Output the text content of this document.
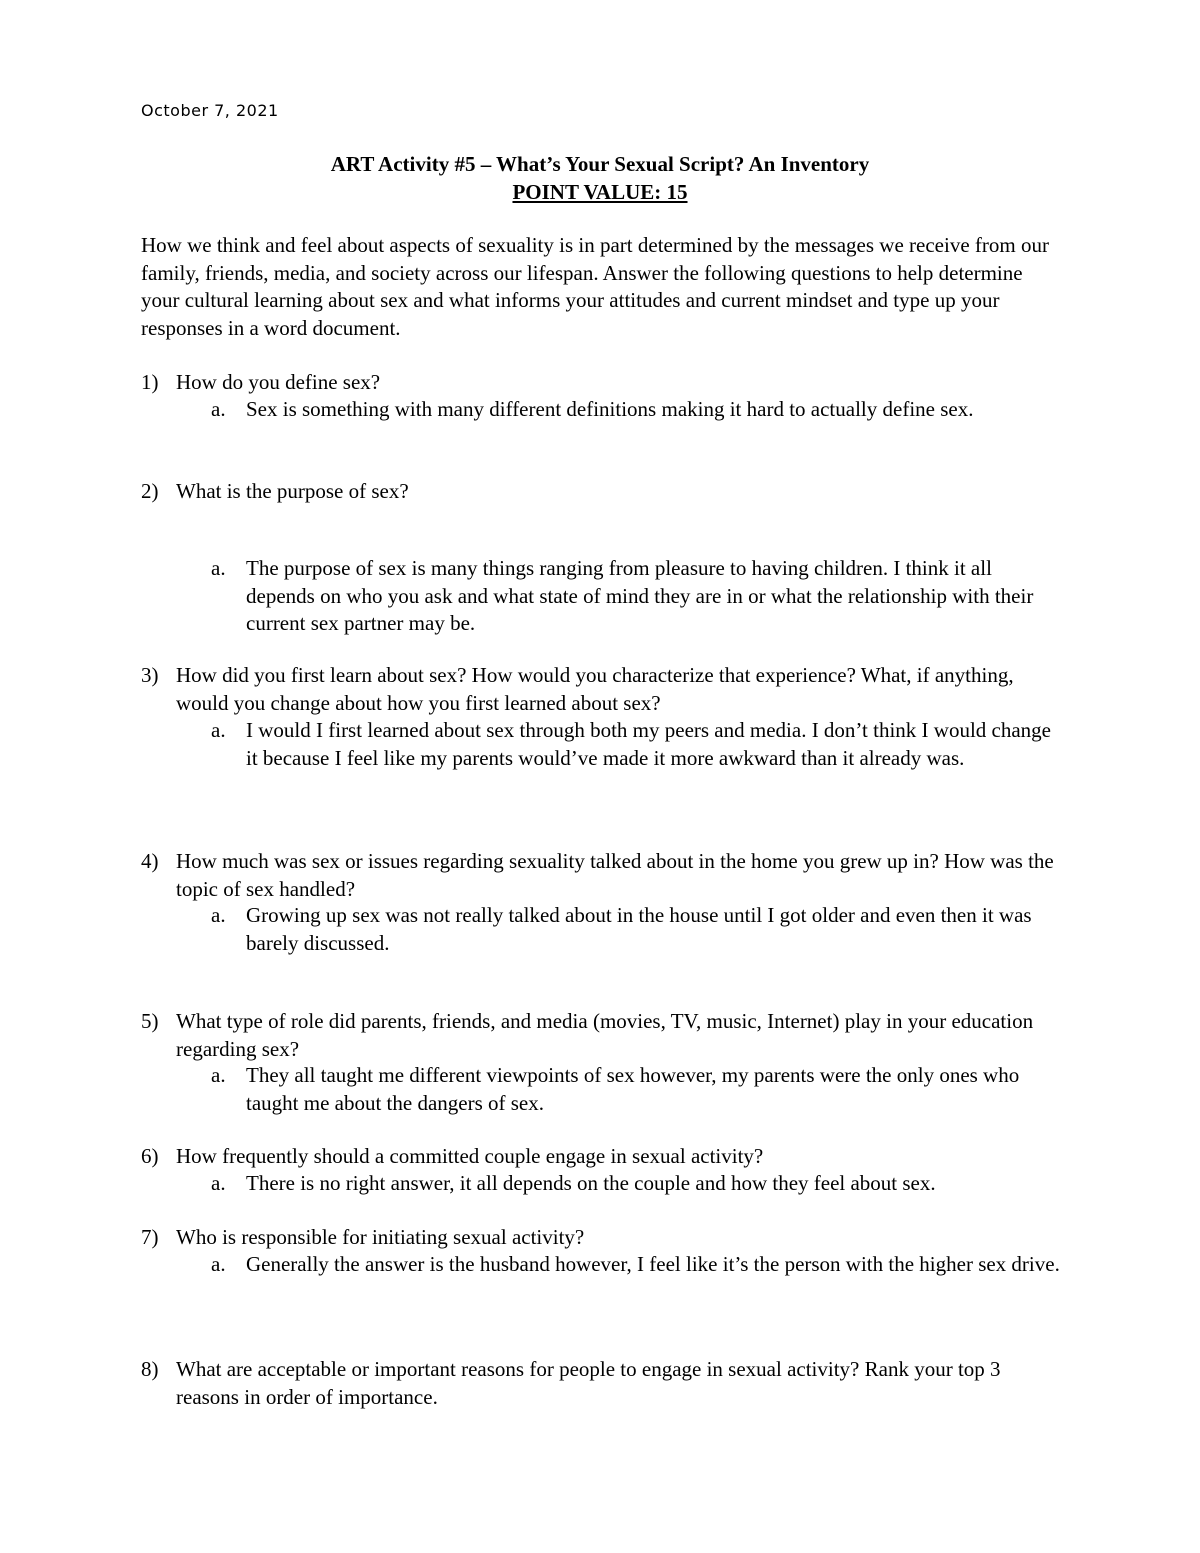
October 7, 2021
ART Activity #5 – What’s Your Sexual Script? An Inventory
POINT VALUE: 15
How we think and feel about aspects of sexuality is in part determined by the messages we receive from our family, friends, media, and society across our lifespan. Answer the following questions to help determine your cultural learning about sex and what informs your attitudes and current mindset and type up your responses in a word document.
1) How do you define sex?
a. Sex is something with many different definitions making it hard to actually define sex.
2) What is the purpose of sex?
a. The purpose of sex is many things ranging from pleasure to having children. I think it all depends on who you ask and what state of mind they are in or what the relationship with their current sex partner may be.
3) How did you first learn about sex? How would you characterize that experience? What, if anything, would you change about how you first learned about sex?
a. I would I first learned about sex through both my peers and media. I don’t think I would change it because I feel like my parents would’ve made it more awkward than it already was.
4) How much was sex or issues regarding sexuality talked about in the home you grew up in? How was the topic of sex handled?
a. Growing up sex was not really talked about in the house until I got older and even then it was barely discussed.
5) What type of role did parents, friends, and media (movies, TV, music, Internet) play in your education regarding sex?
a. They all taught me different viewpoints of sex however, my parents were the only ones who taught me about the dangers of sex.
6) How frequently should a committed couple engage in sexual activity?
a. There is no right answer, it all depends on the couple and how they feel about sex.
7) Who is responsible for initiating sexual activity?
a. Generally the answer is the husband however, I feel like it’s the person with the higher sex drive.
8) What are acceptable or important reasons for people to engage in sexual activity? Rank your top 3 reasons in order of importance.
